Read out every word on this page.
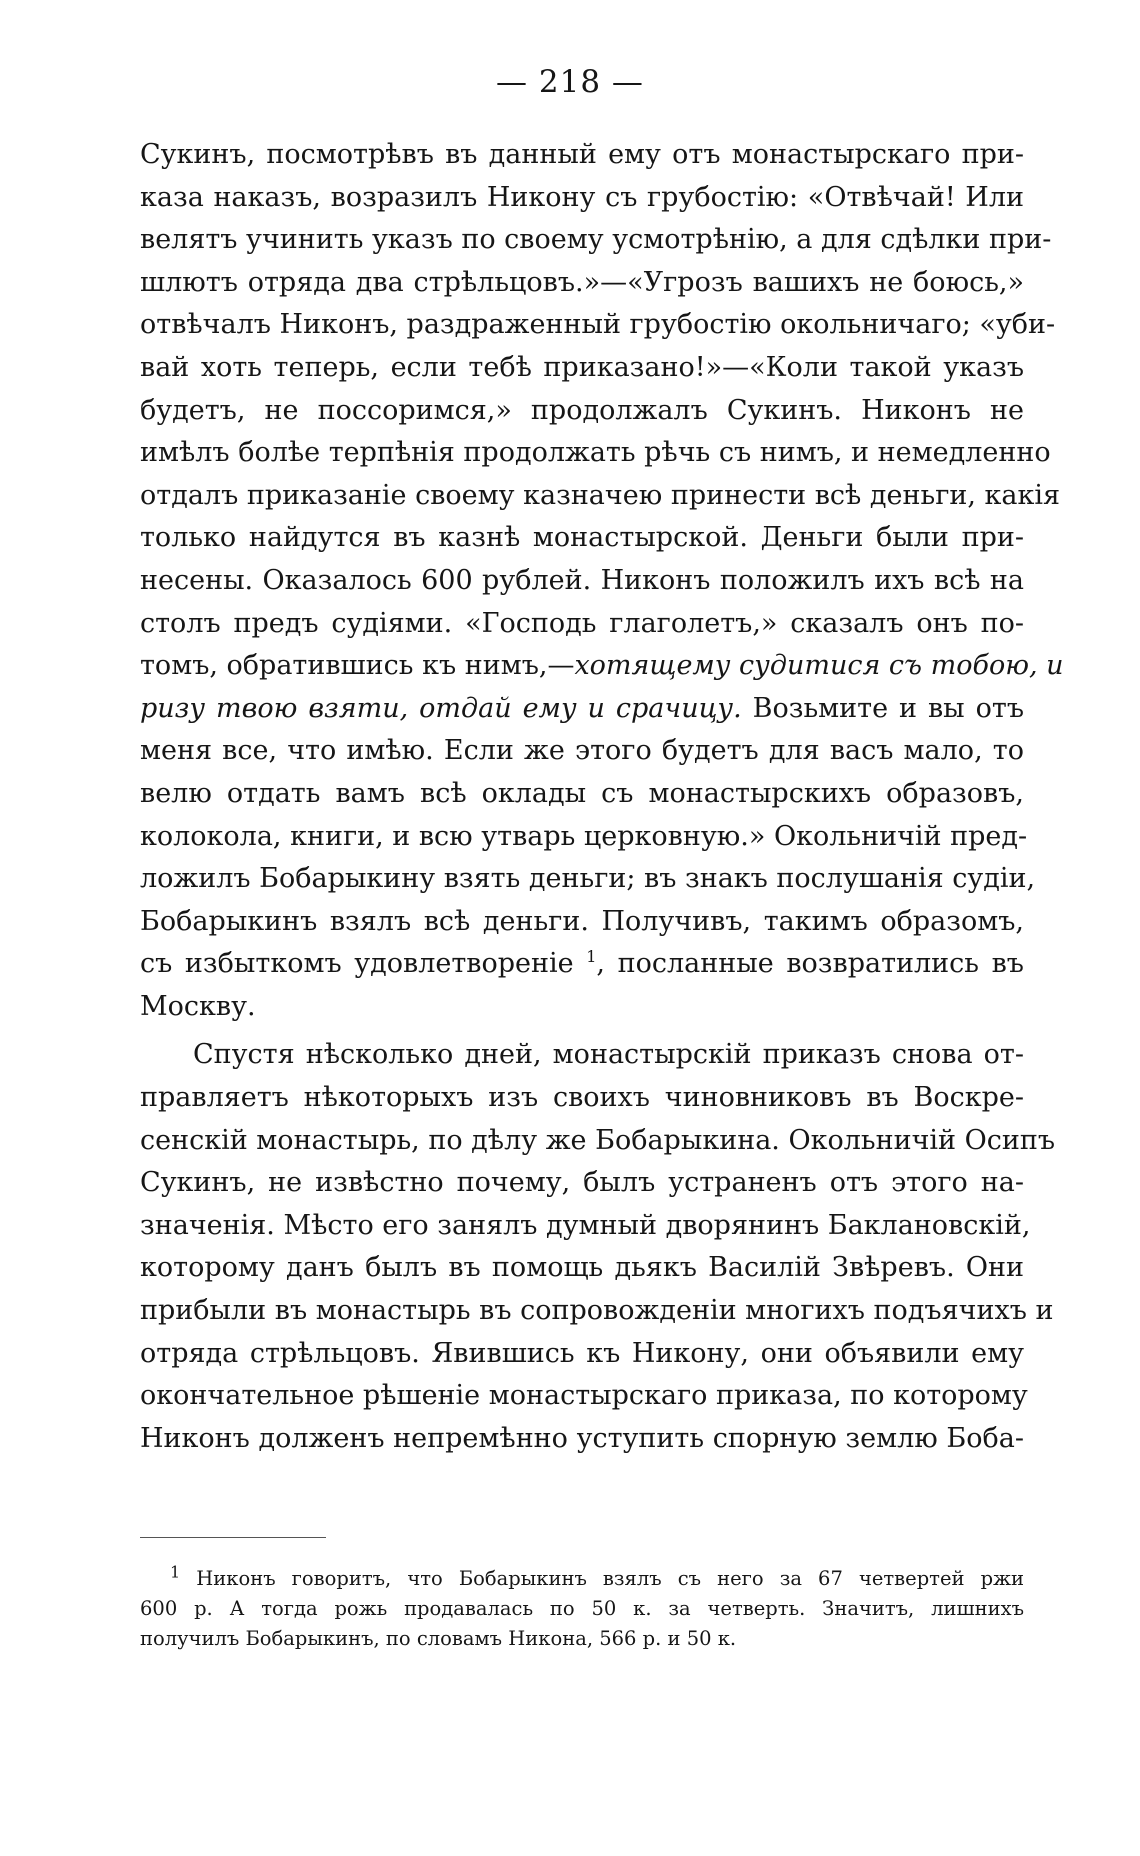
— 218 —
Сукинъ, посмотрѣвъ въ данный ему отъ монастырскаго при-
каза наказъ, возразилъ Никону съ грубостію: «Отвѣчай! Или
велятъ учинить указъ по своему усмотрѣнію, а для сдѣлки при-
шлютъ отряда два стрѣльцовъ.»—«Угрозъ вашихъ не боюсь,»
отвѣчалъ Никонъ, раздраженный грубостію окольничаго; «уби-
вай хоть теперь, если тебѣ приказано!»—«Коли такой указъ
будетъ, не поссоримся,» продолжалъ Сукинъ. Никонъ не
имѣлъ болѣе терпѣнія продолжать рѣчь съ нимъ, и немедленно
отдалъ приказаніе своему казначею принести всѣ деньги, какія
только найдутся въ казнѣ монастырской. Деньги были при-
несены. Оказалось 600 рублей. Никонъ положилъ ихъ всѣ на
столъ предъ судіями. «Господь глаголетъ,» сказалъ онъ по-
томъ, обратившись къ нимъ,—хотящему судитися съ тобою, и
ризу твою взяти, отдай ему и срачицу. Возьмите и вы отъ
меня все, что имѣю. Если же этого будетъ для васъ мало, то
велю отдать вамъ всѣ оклады съ монастырскихъ образовъ,
колокола, книги, и всю утварь церковную.» Окольничій пред-
ложилъ Бобарыкину взять деньги; въ знакъ послушанія судіи,
Бобарыкинъ взялъ всѣ деньги. Получивъ, такимъ образомъ,
съ избыткомъ удовлетвореніе $^1$, посланные возвратились въ
Москву.
Спустя нѣсколько дней, монастырскій приказъ снова от-
правляетъ нѣкоторыхъ изъ своихъ чиновниковъ въ Воскре-
сенскій монастырь, по дѣлу же Бобарыкина. Окольничій Осипъ
Сукинъ, не извѣстно почему, былъ устраненъ отъ этого на-
значенія. Мѣсто его занялъ думный дворянинъ Баклановскій,
которому данъ былъ въ помощь дьякъ Василій Звѣревъ. Они
прибыли въ монастырь въ сопровожденіи многихъ подъячихъ и
отряда стрѣльцовъ. Явившись къ Никону, они объявили ему
окончательное рѣшеніе монастырскаго приказа, по которому
Никонъ долженъ непремѣнно уступить спорную землю Боба-
$^1$ Никонъ говоритъ, что Бобарыкинъ взялъ съ него за 67 четвертей ржи
600 р. А тогда рожь продавалась по 50 к. за четверть. Значитъ, лишнихъ
получилъ Бобарыкинъ, по словамъ Никона, 566 р. и 50 к.
